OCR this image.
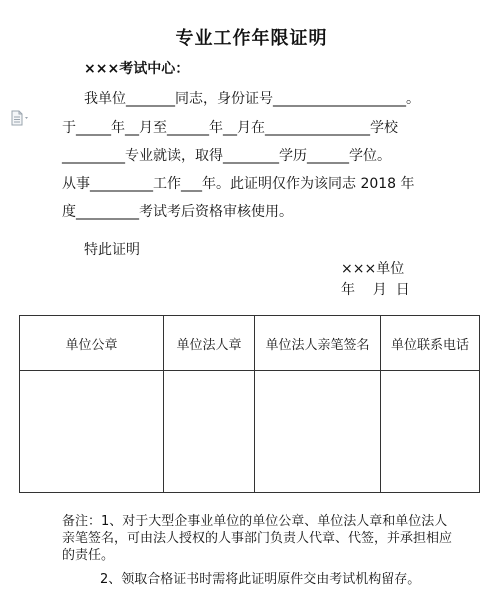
专业工作年限证明
×××考试中心：
我单位_______同志，身份证号___________________。
于_____年__月至______年__月在_______________学校
_________专业就读，取得________学历______学位。
从事_________工作___年。此证明仅作为该同志 2018 年
度_________考试考后资格审核使用。
特此证明
×××单位
年    月  日
单位公章	单位法人章	单位法人亲笔签名	单位联系电话

备注：1、对于大型企事业单位的单位公章、单位法人章和单位法人亲笔签名，可由法人授权的人事部门负责人代章、代签，并承担相应的责任。
2、领取合格证书时需将此证明原件交由考试机构留存。
